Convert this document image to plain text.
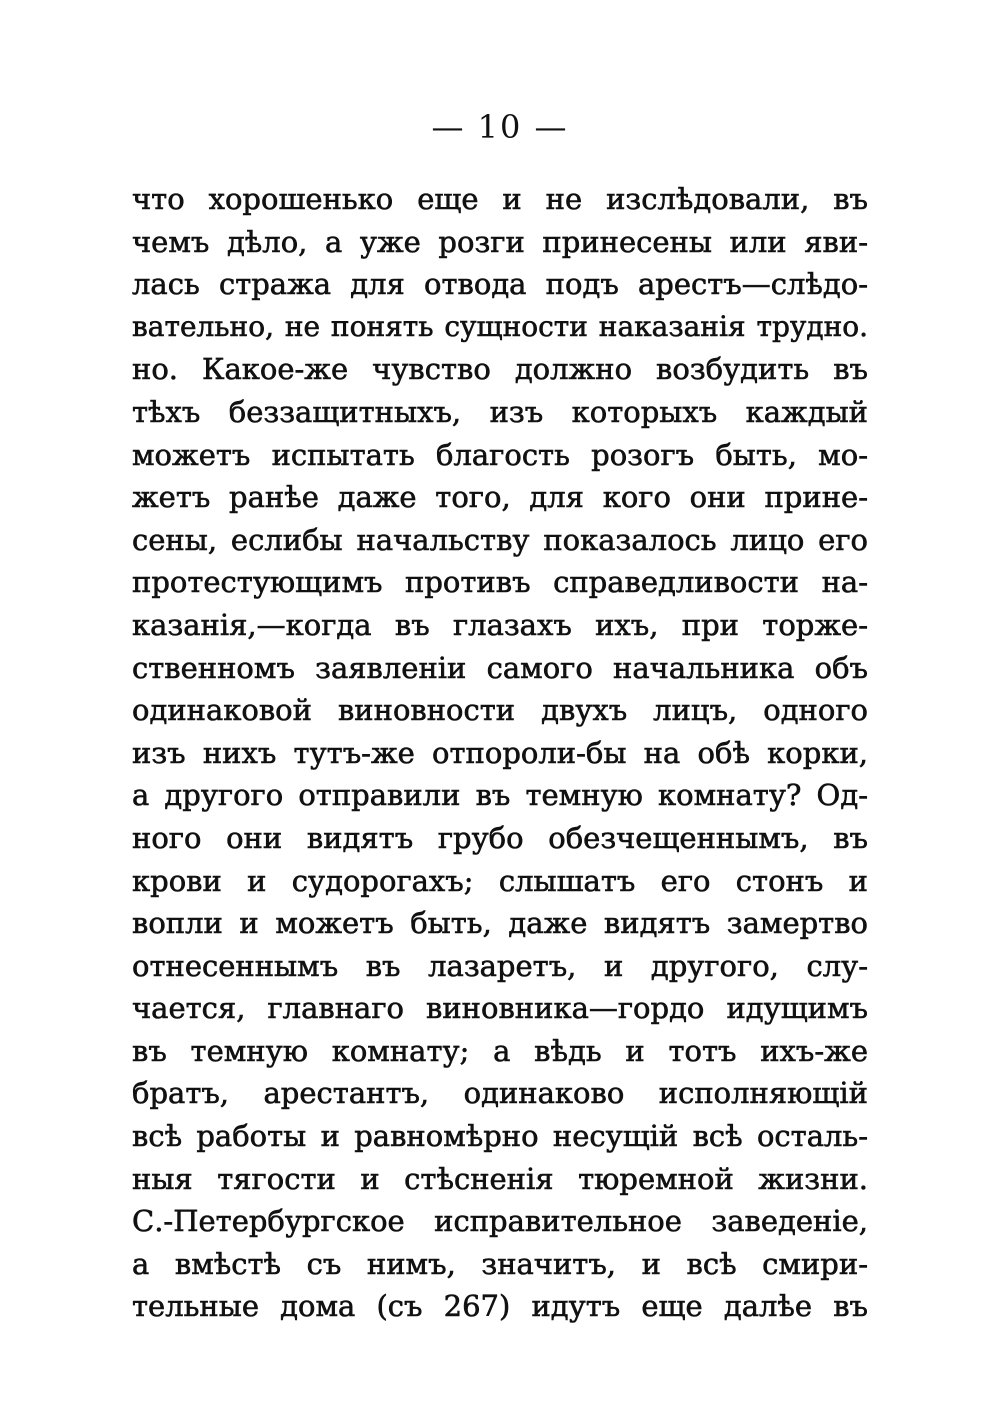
— 10 —
что хорошенько еще и не изслѣдовали, въ
чемъ дѣло, а уже розги принесены или яви-
лась стража для отвода подъ арестъ—слѣдо-
вательно, не понять сущности наказанія трудно.
но. Какое-же чувство должно возбудить въ
тѣхъ беззащитныхъ, изъ которыхъ каждый
можетъ испытать благость розогъ быть, мо-
жетъ ранѣе даже того, для кого они прине-
сены, еслибы начальству показалось лицо его
протестующимъ противъ справедливости на-
казанія,—когда въ глазахъ ихъ, при торже-
ственномъ заявленіи самого начальника объ
одинаковой виновности двухъ лицъ, одного
изъ нихъ тутъ-же отпороли-бы на обѣ корки,
а другого отправили въ темную комнату? Од-
ного они видятъ грубо обезчещеннымъ, въ
крови и судорогахъ; слышатъ его стонъ и
вопли и можетъ быть, даже видятъ замертво
отнесеннымъ въ лазаретъ, и другого, слу-
чается, главнаго виновника—гордо идущимъ
въ темную комнату; а вѣдь и тотъ ихъ-же
братъ, арестантъ, одинаково исполняющій
всѣ работы и равномѣрно несущій всѣ осталь-
ныя тягости и стѣсненія тюремной жизни.
С.-Петербургское исправительное заведеніе,
а вмѣстѣ съ нимъ, значитъ, и всѣ смири-
тельные дома (съ 267) идутъ еще далѣе въ
